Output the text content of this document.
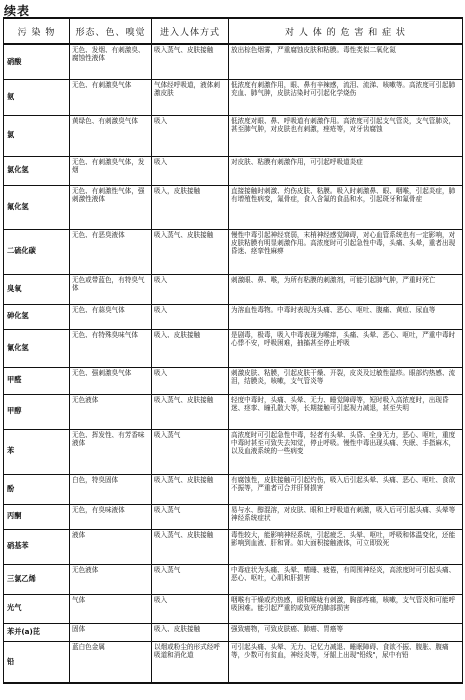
续表
污 染 物	形态、色、嗅觉	进入人体方式	对 人 体 的 危 害 和 症 状
硝酸	无色、发烟、有刺激臭、腐蚀性液体	吸入蒸气、皮肤接触	放出棕色烟雾，严重腐蚀皮肤和粘膜。毒性类似二氧化氮
氨	无色、有刺激臭气体	气体经呼吸道，液体刺激皮肤	低浓度有刺激作用，眼、鼻有辛辣感，流泪、流涕、咳嗽等。高浓度可引起肺充血、肺气肿，皮肤沾染时可引起化学烧伤
氯	黄绿色、有刺激臭气体	吸入	低浓度对眼、鼻、呼吸道有刺激作用。高浓度可引起支气管炎，支气管肺炎，甚至肺气肿，对皮肤也有刺激，痤疮等，对牙齿腐蚀
氯化氢	无色、有刺激臭气体，发烟	吸入	对皮肤、粘膜有刺激作用，可引起呼吸道炎症
氟化氢	无色、有刺激性气体，强刺激性液体	吸入，皮肤接触	直接接触时刺激、灼伤皮肤、粘膜。吸入时刺激鼻、眼、咽喉，引起炎症，肺有增殖性病变，氟骨症，食入含氟的食品和水，引起斑牙和氟骨症
二硫化碳	无色、有恶臭液体	吸入蒸气、皮肤接触	慢性中毒引起神经衰弱，末梢神经感觉障碍，对心血管系统也有一定影响，对皮肤粘膜有明显刺激作用。高浓度时可引起急性中毒，头痛、头晕，重者出现昏迷、痉挛性麻痹
臭氧	无色或带蓝色，有特臭气体	吸入	刺激眼、鼻、喉，为所有粘膜的刺激剂，可能引起肺气肿，严重时死亡
砷化氢	无色、有蒜臭气体	吸入	为溶血性毒物。中毒时表现为头痛、恶心、呕吐、腹痛、黄疸、尿血等
氰化氢	无色、有特殊臭味气体	吸入、皮肤接触	是剧毒，极毒，吸入中毒表现为喉痒，头痛、头晕、恶心、呕吐，严重中毒时心悸不安，呼吸困难，抽搐甚至停止呼吸
甲醛	无色、强刺激臭气体	吸入	刺激皮肤、粘膜，引起皮肤干燥、开裂，皮炎及过敏性湿疹。眼部灼热感、流泪，结膜炎，咳嗽，支气管炎等
甲醇	无色液体	吸入蒸气、皮肤接触	轻度中毒时，头痛、头晕、无力、睡觉障碍等，短时吸入高浓度时，出现昏迷、痉挛、瞳孔散大等，长期接触可引起视力减退，甚至失明
苯	无色、挥发性、有芳香味液体	吸入蒸气	高浓度时可引起急性中毒，轻者有头晕、头昏、全身无力，恶心、呕吐，重度中毒时甚至可致失去知觉，停止呼吸。慢性中毒出现头痛、失眠、手指麻木，以及血液系统的一些病变
酚	白色，特臭固体	吸入蒸气、皮肤接触	有腐蚀性，皮肤接触可引起灼伤，吸入后引起头晕、头痛、恶心、呕吐、食欲不振等，严重者可合并肝肾损害
丙酮	无色，有臭味液体	吸入蒸气	易与水、醇混溶，对皮肤、眼和上呼吸道有刺激，吸入后可引起头痛、头晕等神经系统症状
硝基苯	液体	吸入蒸气、皮肤接触	毒性较大，能影响神经系统，引起疲乏、头晕、呕吐，呼吸和体温变化，还能影响到血液、肝和肾。如大面积接触液体，可立即致死
三氯乙烯	无色液体	吸入蒸气	中毒症状为头痛、头晕、嗜睡、疲倦，有周围神经炎，高浓度时可引起头痛、恶心、呕吐，心肌和肝损害
光气	气体	吸入	咽喉有干燥或灼热感，眼和喉咙有刺激，胸部疼痛，咳嗽，支气管炎和可能呼吸困难。能引起严重的或致死的肺部损害
苯并(a)芘	固体	吸入、皮肤接触	强致癌物，可致皮肤癌、肺癌、胃癌等
铅	蓝白色金属	以烟或粉尘的形式经呼吸道和消化道	可引起头痛、头晕、无力、记忆力减退、睡眠障碍、食欲不振、腹胀、腹痛等，少数可有贫血，神经炎等，牙龈上出现"铅线"，尿中有铅
